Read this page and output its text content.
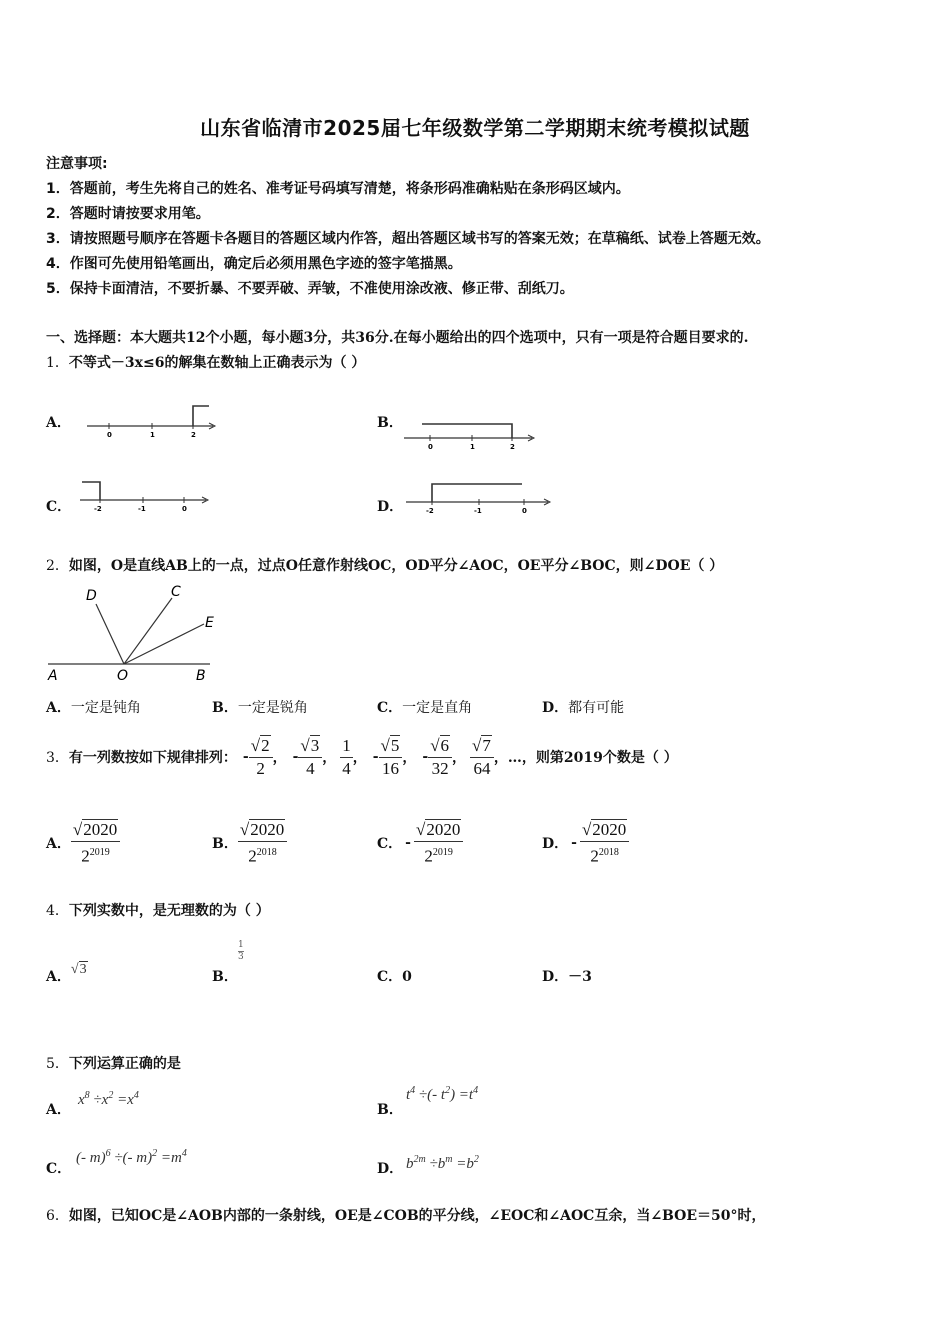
山东省临清市2025届七年级数学第二学期期末统考模拟试题
注意事项:
1．答题前，考生先将自己的姓名、准考证号码填写清楚，将条形码准确粘贴在条形码区域内。
2．答题时请按要求用笔。
3．请按照题号顺序在答题卡各题目的答题区域内作答，超出答题区域书写的答案无效；在草稿纸、试卷上答题无效。
4．作图可先使用铅笔画出，确定后必须用黑色字迹的签字笔描黑。
5．保持卡面清洁，不要折暴、不要弄破、弄皱，不准使用涂改液、修正带、刮纸刀。
一、选择题：本大题共12个小题，每小题3分，共36分.在每小题给出的四个选项中，只有一项是符合题目要求的.
1．不等式－3x≤6的解集在数轴上正确表示为（ ）
A．
0	1	2
B．
0	1	2
C．	-2	-1	0	D．	-2	-1	0
2．如图，O是直线AB上的一点，过点O任意作射线OC，OD平分∠AOC，OE平分∠BOC，则∠DOE（ ）
D	C
E
A	O	B
A．一定是钝角	B．一定是锐角	C．一定是直角	D．都有可能
3． 有一列数按如下规律排列： - $\frac{√2}{2}$ ， - $\frac{√3}{4}$ ， $\frac{1}{4}$ ， - $\frac{√5}{16}$ ， - $\frac{√6}{32}$ ， $\frac{√7}{64}$ ，…，则第2019个数是（ ）
A． $\frac{√2020}{2^{2019}}$	B． $\frac{√2020}{2^{2018}}$	C． - $\frac{√2020}{2^{2019}}$	D． - $\frac{√2020}{2^{2018}}$
4．下列实数中，是无理数的为（ ）
A．√3	B．
1
3
C．0	D．－3
5．下列运算正确的是
A．
$x^8 \div x^2 =x^4$
B．
$t^4$ ÷(- $t^2) =t^4$
C．
(- m)$^6$ ÷(- $m)^2 =m^4$
D． $b^{2m} \div b^m =b^2$
6．如图，已知OC是∠AOB内部的一条射线，OE是∠COB的平分线，∠EOC和∠AOC互余，当∠BOE＝50°时，
